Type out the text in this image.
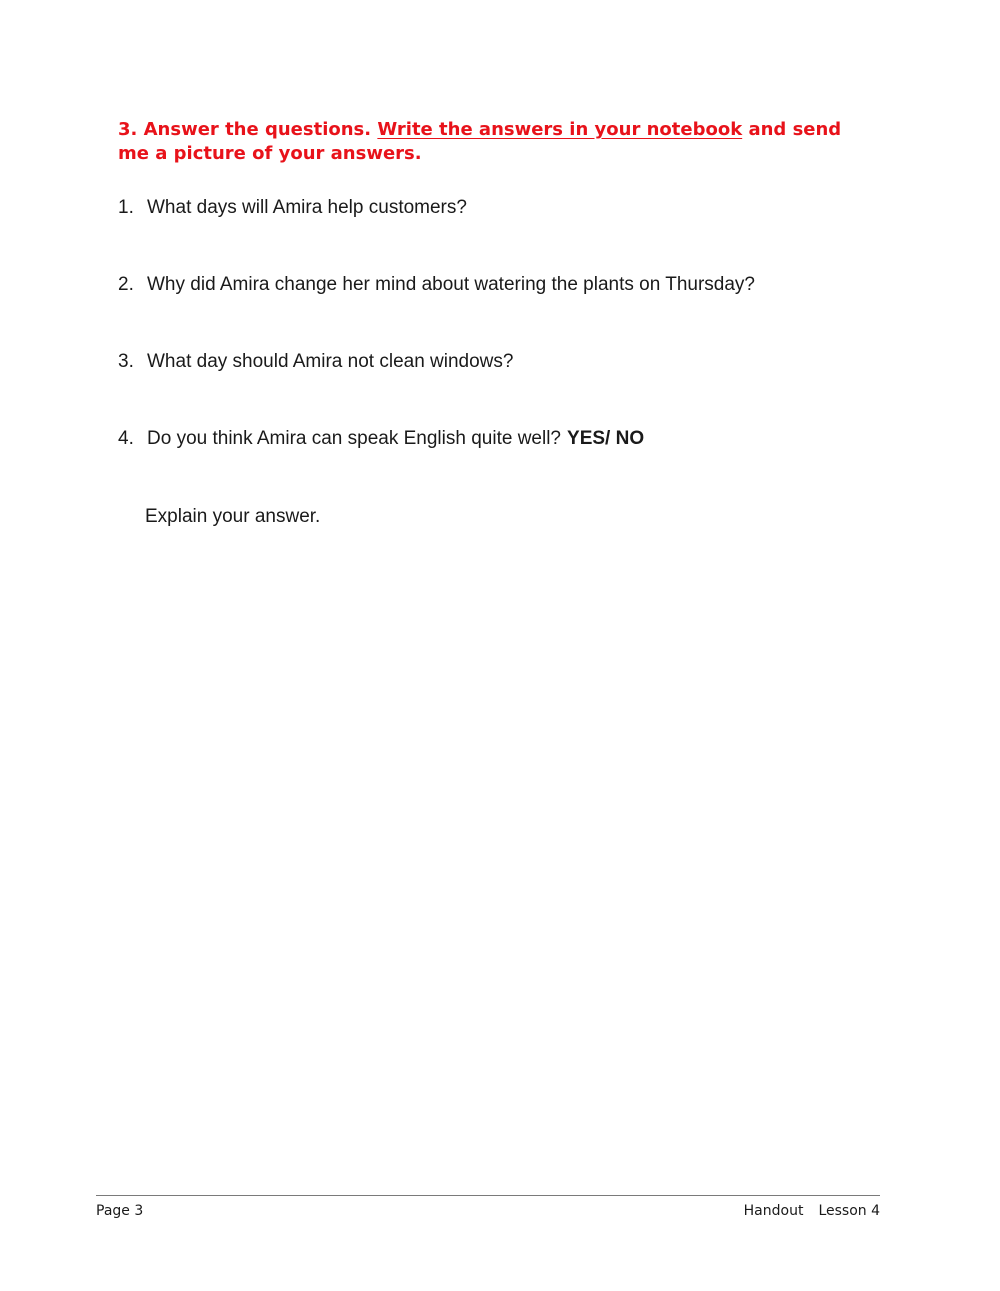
3. Answer the questions. Write the answers in your notebook and send me a picture of your answers.
1. What days will Amira help customers?
2. Why did Amira change her mind about watering the plants on Thursday?
3. What day should Amira not clean windows?
4. Do you think Amira can speak English quite well? YES/ NO
Explain your answer.
Page 3	Handout Lesson 4
